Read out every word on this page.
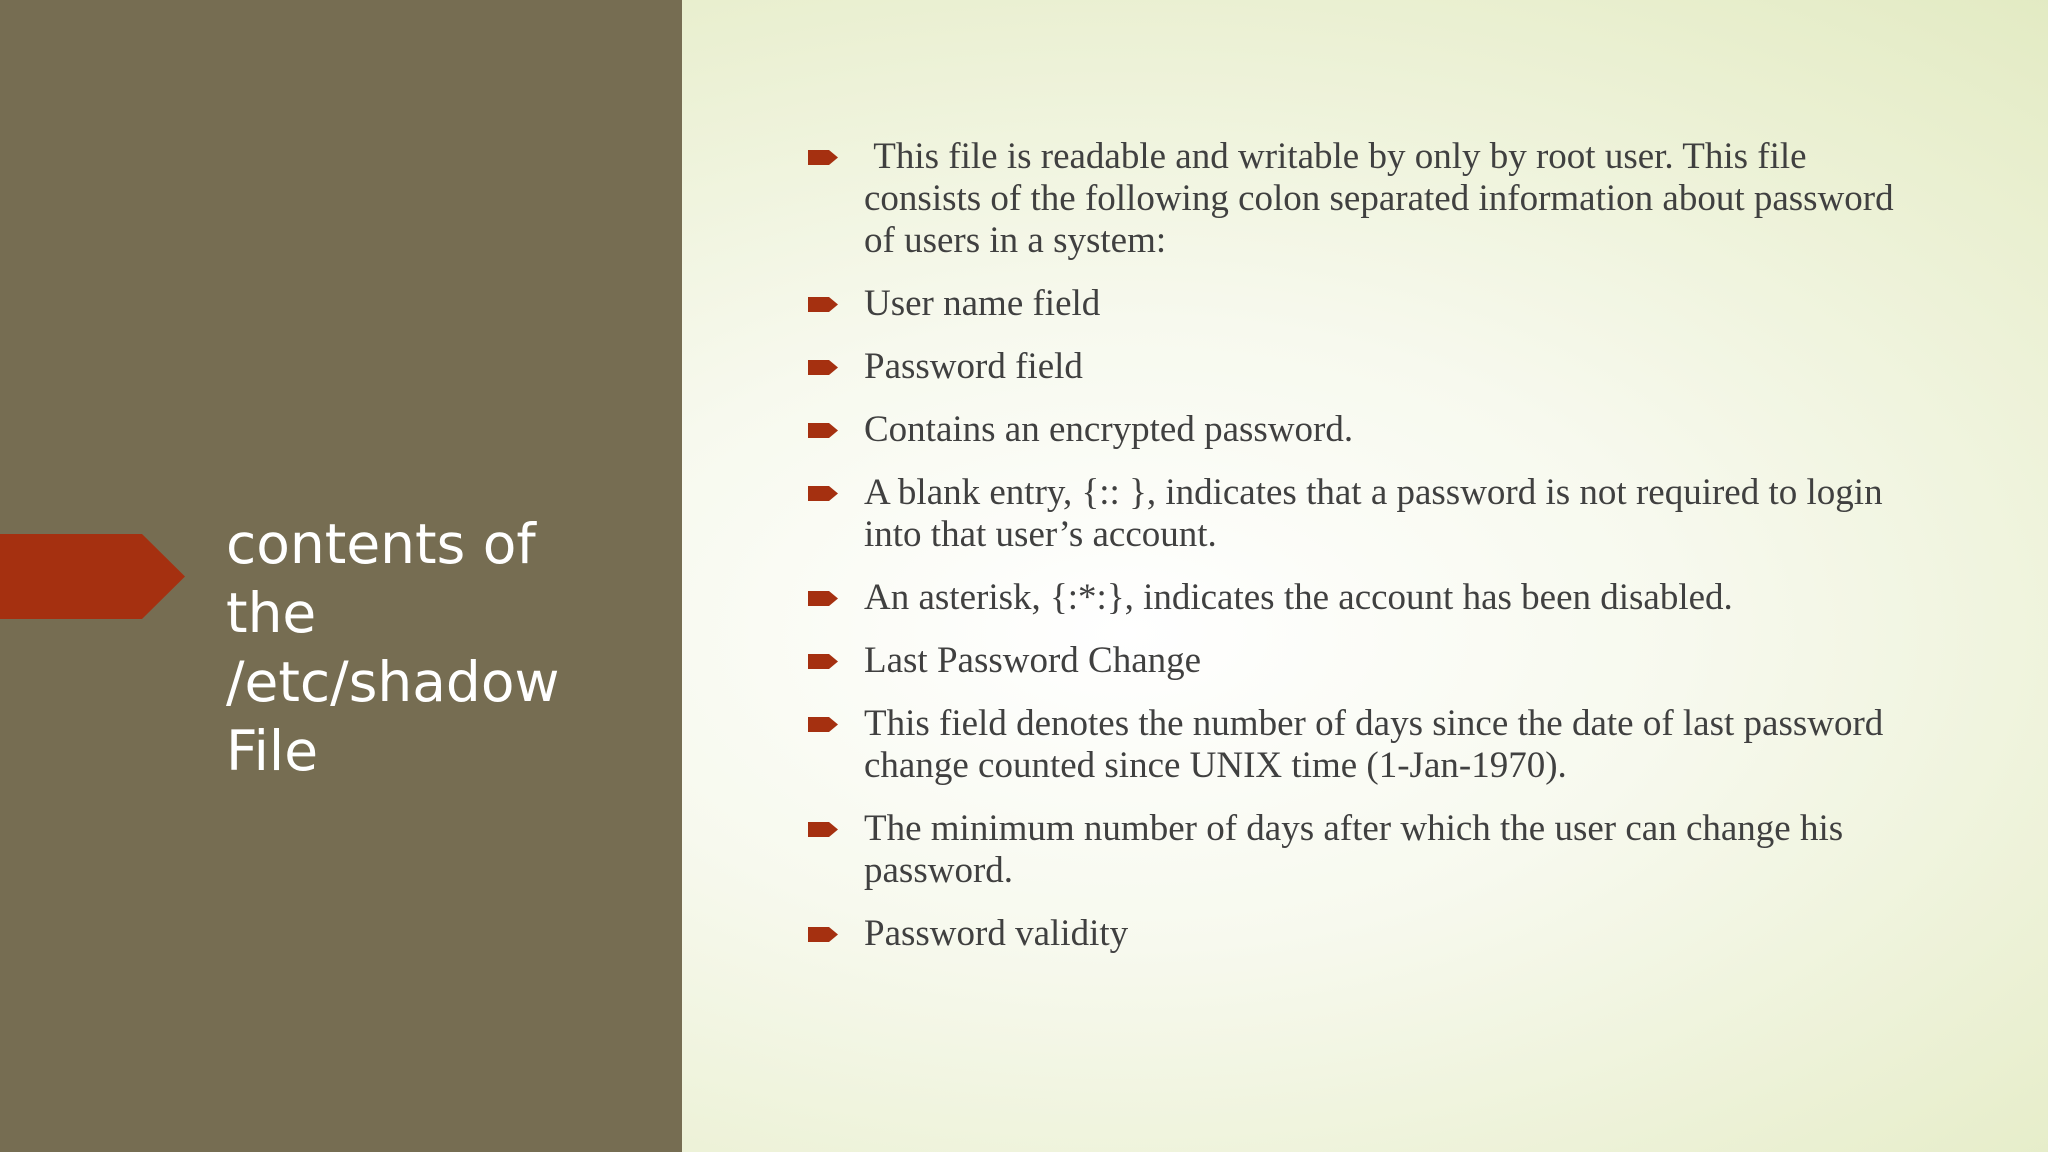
contents of
the
/etc/shadow
File
This file is readable and writable by only by root user. This file consists of the following colon separated information about password of users in a system:
User name field
Password field
Contains an encrypted password.
A blank entry, {:: }, indicates that a password is not required to login into that user’s account.
An asterisk, {:*:}, indicates the account has been disabled.
Last Password Change
This field denotes the number of days since the date of last password change counted since UNIX time (1-Jan-1970).
The minimum number of days after which the user can change his password.
Password validity
